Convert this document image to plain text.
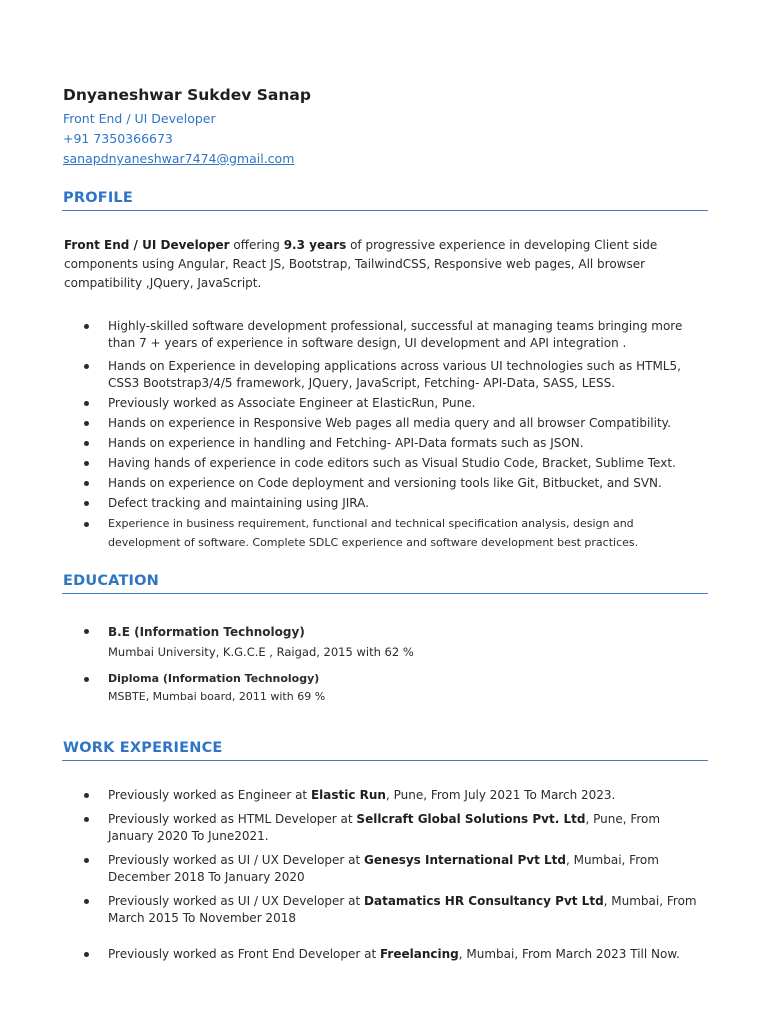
Dnyaneshwar Sukdev Sanap
Front End / UI Developer
+91 7350366673
sanapdnyaneshwar7474@gmail.com
PROFILE
Front End / UI Developer offering 9.3 years of progressive experience in developing Client side components using Angular, React JS, Bootstrap, TailwindCSS, Responsive web pages, All browser compatibility ,JQuery, JavaScript.
Highly-skilled software development professional, successful at managing teams bringing more than 7 + years of experience in software design, UI development and API integration .
Hands on Experience in developing applications across various UI technologies such as HTML5, CSS3 Bootstrap3/4/5 framework, JQuery, JavaScript, Fetching- API-Data, SASS, LESS.
Previously worked as Associate Engineer at ElasticRun, Pune.
Hands on experience in Responsive Web pages all media query and all browser Compatibility.
Hands on experience in handling and Fetching- API-Data formats such as JSON.
Having hands of experience in code editors such as Visual Studio Code, Bracket, Sublime Text.
Hands on experience on Code deployment and versioning tools like Git, Bitbucket, and SVN.
Defect tracking and maintaining using JIRA.
Experience in business requirement, functional and technical specification analysis, design and development of software. Complete SDLC experience and software development best practices.
EDUCATION
B.E (Information Technology)
Mumbai University, K.G.C.E , Raigad, 2015 with 62 %
Diploma (Information Technology)
MSBTE, Mumbai board, 2011 with 69 %
WORK EXPERIENCE
Previously worked as Engineer at Elastic Run, Pune, From July 2021 To March 2023.
Previously worked as HTML Developer at Sellcraft Global Solutions Pvt. Ltd, Pune, From January 2020 To June2021.
Previously worked as UI / UX Developer at Genesys International Pvt Ltd, Mumbai, From December 2018 To January 2020
Previously worked as UI / UX Developer at Datamatics HR Consultancy Pvt Ltd, Mumbai, From March 2015 To November 2018
Previously worked as Front End Developer at Freelancing, Mumbai, From March 2023 Till Now.
